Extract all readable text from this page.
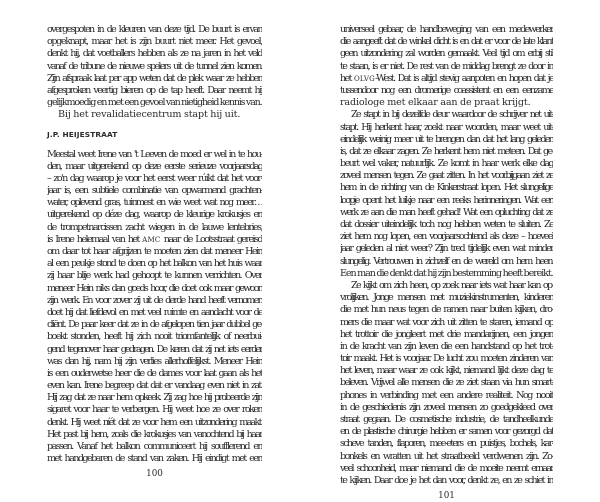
overgespoten in de kleuren van deze tijd. De buurt is ervan
opgeknapt, maar het is zijn buurt niet meer. Het gevoel,
denkt hij, dat voetballers hebben als ze na jaren in het veld
vanaf de tribune de nieuwe spelers uit de tunnel zien komen.
Zijn afspraak laat per app weten dat de plek waar ze hebben
afgesproken veertig bieren op de tap heeft. Daar neemt hij
gelijkmoedig en met een gevoel van nietigheid kennis van.
Bij het revalidatiecentrum stapt hij uit.
J.P. HEIJESTRAAT
Meestal weet Irene van 't Leeven de moed er wel in te hou-
den, maar uitgerekend op deze eerste serieuze voorjaarsdag
– zo'n dag waarop je voor het eerst weer rúíkt dat het voor-
jaar is, een subtiele combinatie van opwarmend grachten-
water, oplevend gras, tuinmest en wie weet wat nog meer…
uitgerekend op déze dag, waarop de kleurige krokusjes en
de trompetnarcissen zacht wiegen in de lauwe lentebries,
is Irene helemaal van het amc naar de Lootsstraat gereisd
om daar tot haar afgrijzen te moeten zien dat meneer Hein
al een peukje stond te doen op het balkon van het huis waar
zij haar blije werk had gehoopt te kunnen verrichten. Over
meneer Hein niks dan goeds hoor, die doet ook maar gewoon
zijn werk. En voor zover zij uit de derde hand heeft vernomen
doet hij dat liefdevol en met veel ruimte en aandacht voor de
cliënt. De paar keer dat ze in de afgelopen tien jaar dubbel ge-
boekt stonden, heeft hij zich nooit triomfantelijk of neerbui-
gend tegenover haar gedragen. De keren dat zij net iets eerder
was dan hij, nam hij zijn verlies allerhoffelijkst. Meneer Hein
is een ouderwetse heer die de dames voor laat gaan als het
even kan. Irene begreep dat dat er vandaag even niet in zat.
Hij zag dat ze naar hem opkeek. Zij zag hoe hij probeerde zijn
sigaret voor haar te verbergen. Hij weet hoe ze over roken
denkt. Hij weet níét dat ze voor hem een uitzondering maakt.
Het past bij hem, zoals die krokusjes van vanochtend bij haar
passen. Vanaf het balkon communiceert hij soufflerend en
met handgebaren de stand van zaken. Hij eindigt met een
100
universeel gebaar, de handbeweging van een medewerker
die aangeeft dat de winkel dicht is en dat er voor de late klant
geen uitzondering zal worden gemaakt. Veel tijd om erbij stil
te staan, is er niet. De rest van de middag brengt ze door in
het olvg-West. Dat is altijd stevig aanpoten en hopen dat je
tussendoor nog een dromerige coassistent en een eenzame
radiologe met elkaar aan de praat krijgt.
Ze stapt in bij dezelfde deur waardoor de schrijver net uit-
stapt. Hij herkent haar, zoekt naar woorden, maar weet uit-
eindelijk weinig meer uit te brengen dan dat het lang geleden
is, dat ze elkaar zagen. Ze herkent hem niet meteen. Dat ge-
beurt wel vaker, natuurlijk. Ze komt in haar werk elke dag
zoveel mensen tegen. Ze gaat zitten. In het voorbijgaan ziet ze
hem in de richting van de Kinkerstraat lopen. Het slungelige
loopje opent het luikje naar een reeks herinneringen. Wat een
werk ze aan die man heeft gehad! Wat een opluchting dat ze
dat dossier uiteindelijk toch nog hebben weten te sluiten. Ze
ziet hem nog lopen, een voorjaarsochtend als deze – hoeveel
jaar geleden al niet weer? Zijn tred tijdelijk even wat minder
slungelig. Vertrouwen in zichzelf en de wereld om hem heen.
Een man die denkt dat hij zijn bestemming heeft bereikt.
Ze kijkt om zich heen, op zoek naar iets wat haar kan op-
vrolijken. Jonge mensen met muziekinstrumenten, kinderen
die met hun neus tegen de ramen naar buiten kijken, dro-
mers die maar wat voor zich uit zitten te staren, iemand op
het trottoir die jongleert met drie mandarijnen, een jongen
in de kracht van zijn leven die een handstand op het trot-
toir maakt. Het is voorjaar. De lucht zou moeten zinderen van
het leven, maar waar ze ook kijkt, niemand lijkt deze dag te
beleven. Vrijwel alle mensen die ze ziet staan via hun smart-
phones in verbinding met een andere realiteit. Nog nooit
in de geschiedenis zijn zoveel mensen zo goedgekleed over
straat gegaan. De cosmetische industrie, de tandheelkunde
en de plastische chirurgie hebben er samen voor gezorgd dat
scheve tanden, flaporen, mee-eters en puistjes, bochels, kar-
bonkels en wratten uit het straatbeeld verdwenen zijn. Zo-
veel schoonheid, maar niemand die de moeite neemt ernaar
te kijken. Daar doe je het dan voor, denkt ze, en ze schiet in
101
